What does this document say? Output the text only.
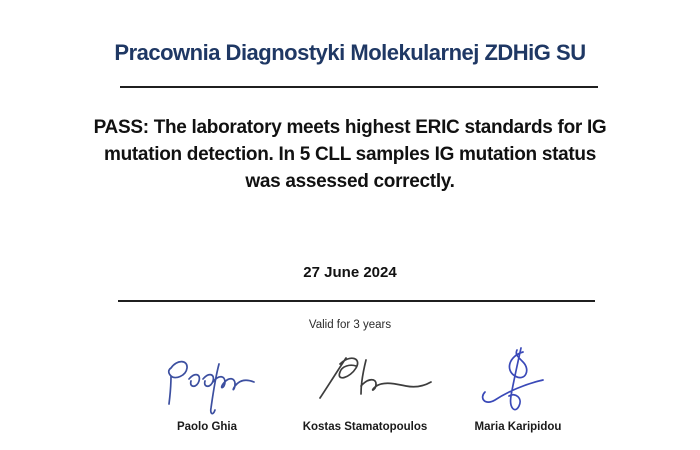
Pracownia Diagnostyki Molekularnej ZDHiG SU
PASS: The laboratory meets highest ERIC standards for IG
mutation detection. In 5 CLL samples IG mutation status
was assessed correctly.
27 June 2024
Valid for 3 years
Paolo Ghia	Kostas Stamatopoulos	Maria Karipidou
